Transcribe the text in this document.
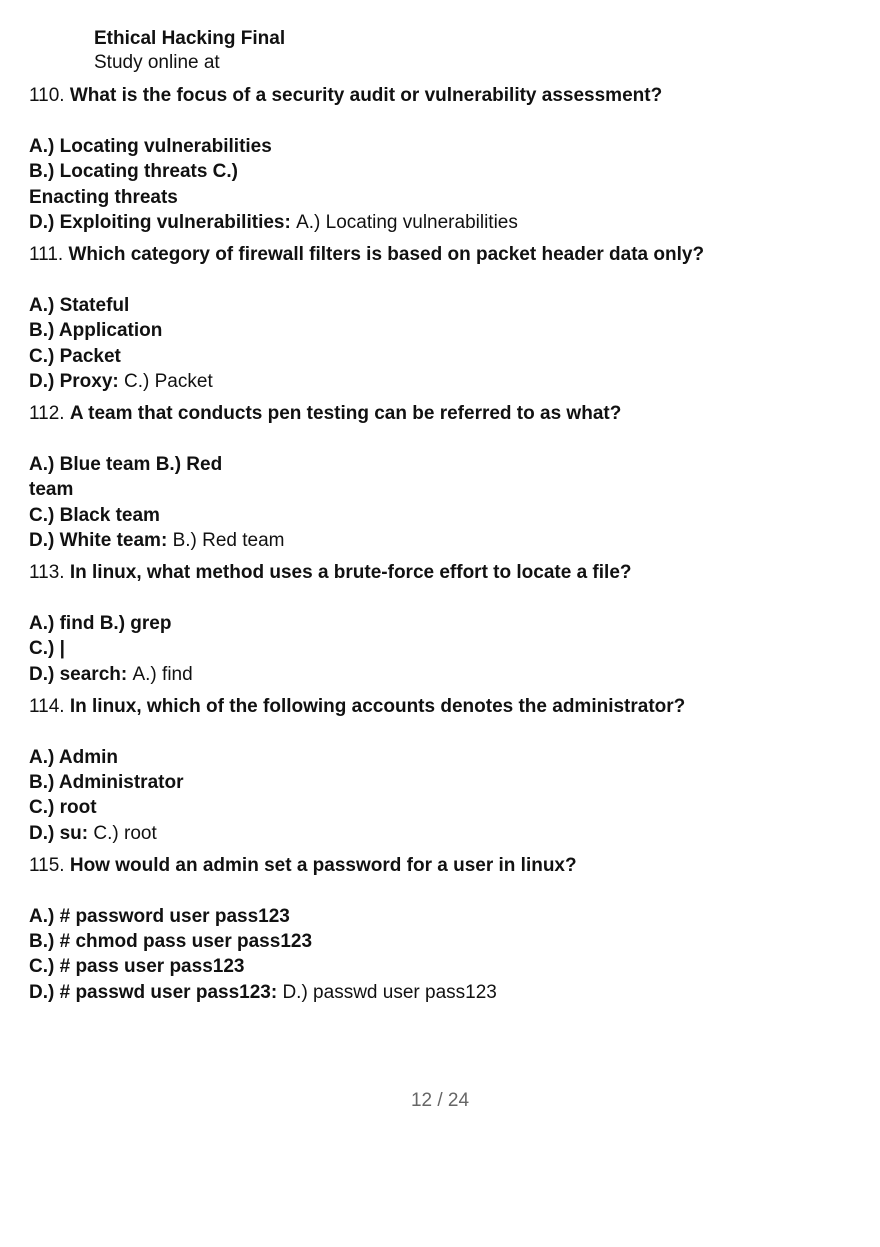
Ethical Hacking Final
Study online at
110. What is the focus of a security audit or vulnerability assessment?
A.) Locating vulnerabilities
B.) Locating threats C.)
Enacting threats
D.) Exploiting vulnerabilities: A.) Locating vulnerabilities
111. Which category of firewall filters is based on packet header data only?
A.) Stateful
B.) Application
C.) Packet
D.) Proxy: C.) Packet
112. A team that conducts pen testing can be referred to as what?
A.) Blue team B.) Red
team
C.) Black team
D.) White team: B.) Red team
113. In linux, what method uses a brute-force effort to locate a file?
A.) find B.) grep
C.) |
D.) search: A.) find
114. In linux, which of the following accounts denotes the administrator?
A.) Admin
B.) Administrator
C.) root
D.) su: C.) root
115. How would an admin set a password for a user in linux?
A.) # password user pass123
B.) # chmod pass user pass123
C.) # pass user pass123
D.) # passwd user pass123: D.) passwd user pass123
12 / 24
